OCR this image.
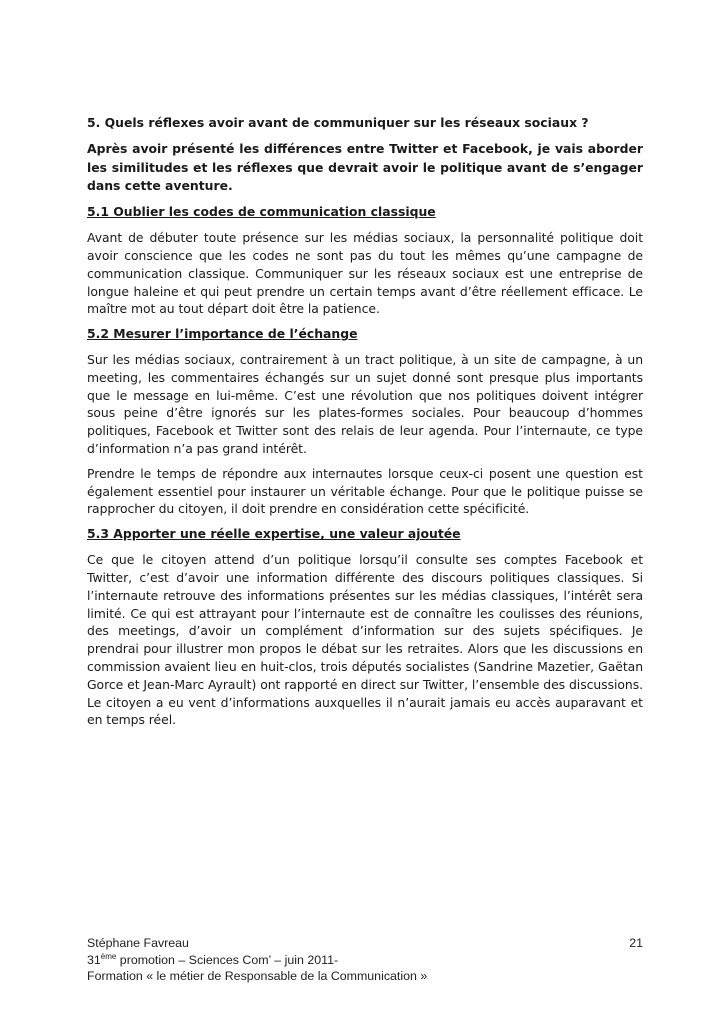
5. Quels réflexes avoir avant de communiquer sur les réseaux sociaux ?
Après avoir présenté les différences entre Twitter et Facebook, je vais aborder les similitudes et les réflexes que devrait avoir le politique avant de s’engager dans cette aventure.
5.1 Oublier les codes de communication classique
Avant de débuter toute présence sur les médias sociaux, la personnalité politique doit avoir conscience que les codes ne sont pas du tout les mêmes qu’une campagne de communication classique. Communiquer sur les réseaux sociaux est une entreprise de longue haleine et qui peut prendre un certain temps avant d’être réellement efficace. Le maître mot au tout départ doit être la patience.
5.2 Mesurer l’importance de l’échange
Sur les médias sociaux, contrairement à un tract politique, à un site de campagne, à un meeting, les commentaires échangés sur un sujet donné sont presque plus importants que le message en lui-même. C’est une révolution que nos politiques doivent intégrer sous peine d’être ignorés sur les plates-formes sociales. Pour beaucoup d’hommes politiques, Facebook et Twitter sont des relais de leur agenda. Pour l’internaute, ce type d’information n’a pas grand intérêt.
Prendre le temps de répondre aux internautes lorsque ceux-ci posent une question est également essentiel pour instaurer un véritable échange. Pour que le politique puisse se rapprocher du citoyen, il doit prendre en considération cette spécificité.
5.3 Apporter une réelle expertise, une valeur ajoutée
Ce que le citoyen attend d’un politique lorsqu’il consulte ses comptes Facebook et Twitter, c’est d’avoir une information différente des discours politiques classiques. Si l’internaute retrouve des informations présentes sur les médias classiques, l’intérêt sera limité. Ce qui est attrayant pour l’internaute est de connaître les coulisses des réunions, des meetings, d’avoir un complément d’information sur des sujets spécifiques. Je prendrai pour illustrer mon propos le débat sur les retraites. Alors que les discussions en commission avaient lieu en huit-clos, trois députés socialistes (Sandrine Mazetier, Gaëtan Gorce et Jean-Marc Ayrault) ont rapporté en direct sur Twitter, l’ensemble des discussions. Le citoyen a eu vent d’informations auxquelles il n’aurait jamais eu accès auparavant et en temps réel.
Stéphane Favreau	21
31ème promotion – Sciences Com’ – juin 2011-
Formation « le métier de Responsable de la Communication »
